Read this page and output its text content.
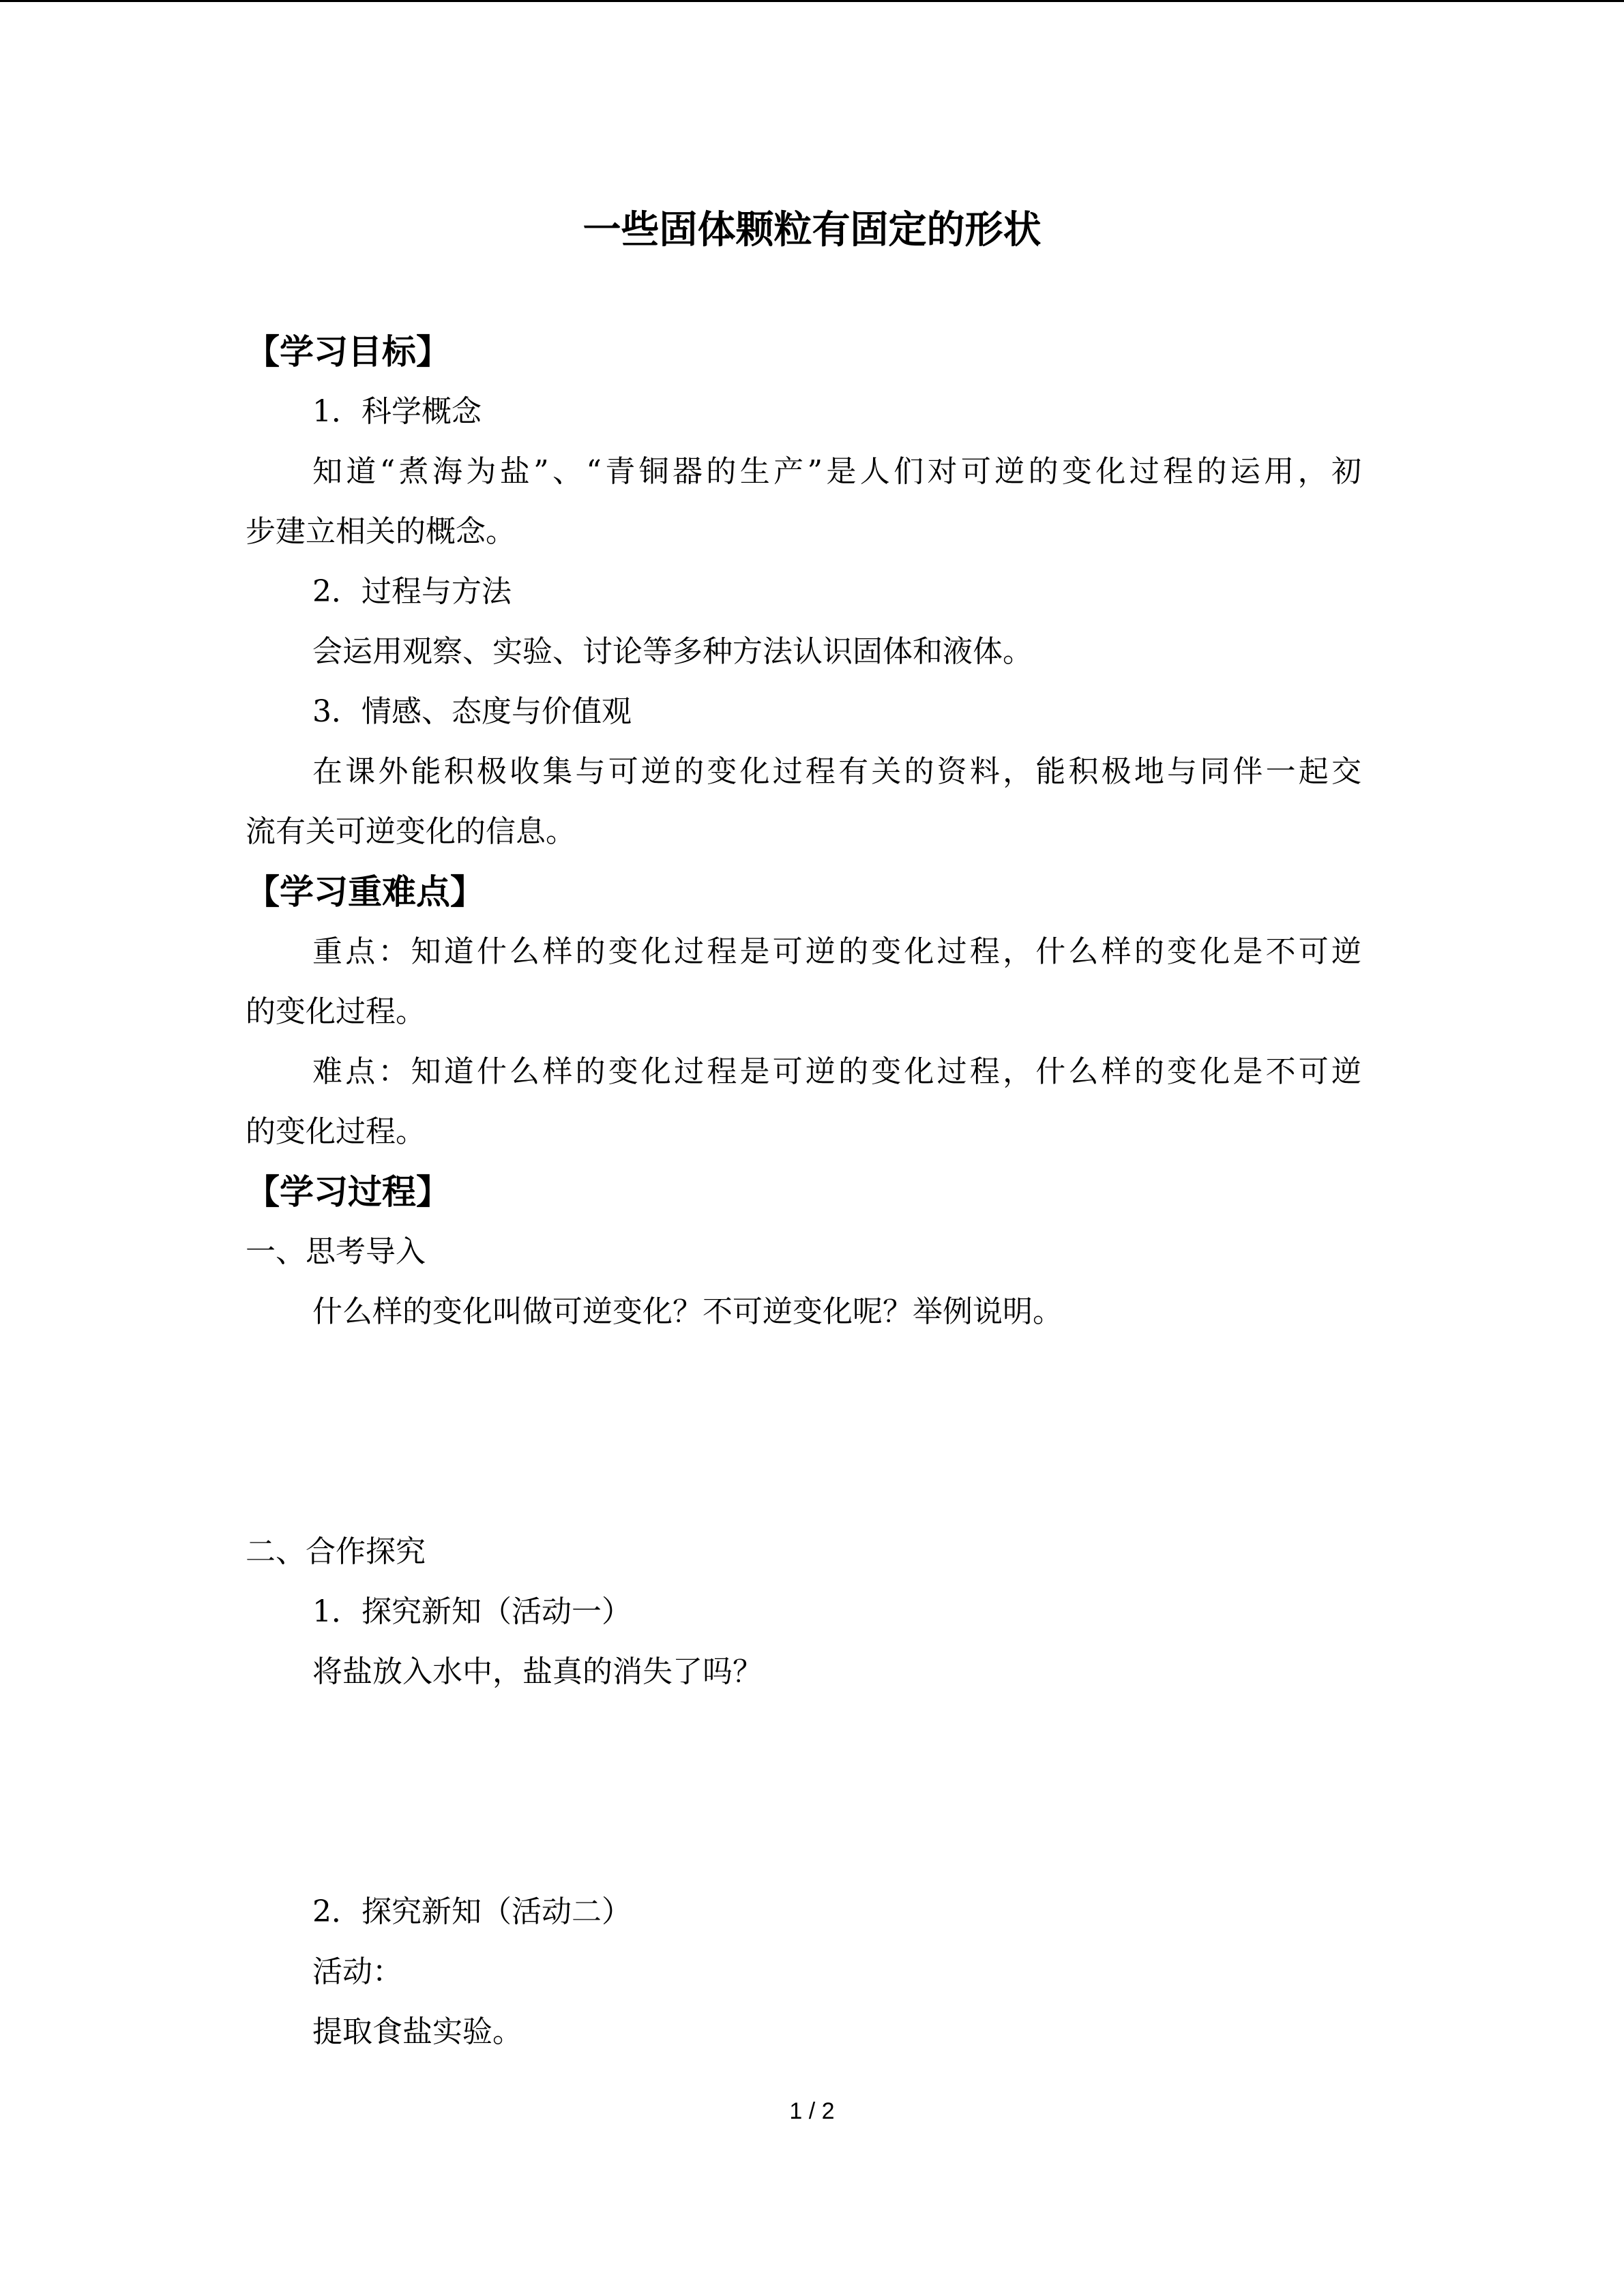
一些固体颗粒有固定的形状
【学习目标】
1．科学概念
知道“煮海为盐”、“青铜器的生产”是人们对可逆的变化过程的运用，初
步建立相关的概念。
2．过程与方法
会运用观察、实验、讨论等多种方法认识固体和液体。
3．情感、态度与价值观
在课外能积极收集与可逆的变化过程有关的资料，能积极地与同伴一起交
流有关可逆变化的信息。
【学习重难点】
重点：知道什么样的变化过程是可逆的变化过程，什么样的变化是不可逆
的变化过程。
难点：知道什么样的变化过程是可逆的变化过程，什么样的变化是不可逆
的变化过程。
【学习过程】
一、思考导入
什么样的变化叫做可逆变化？不可逆变化呢？举例说明。
二、合作探究
1．探究新知（活动一）
将盐放入水中，盐真的消失了吗？
2．探究新知（活动二）
活动：
提取食盐实验。
1 / 2
